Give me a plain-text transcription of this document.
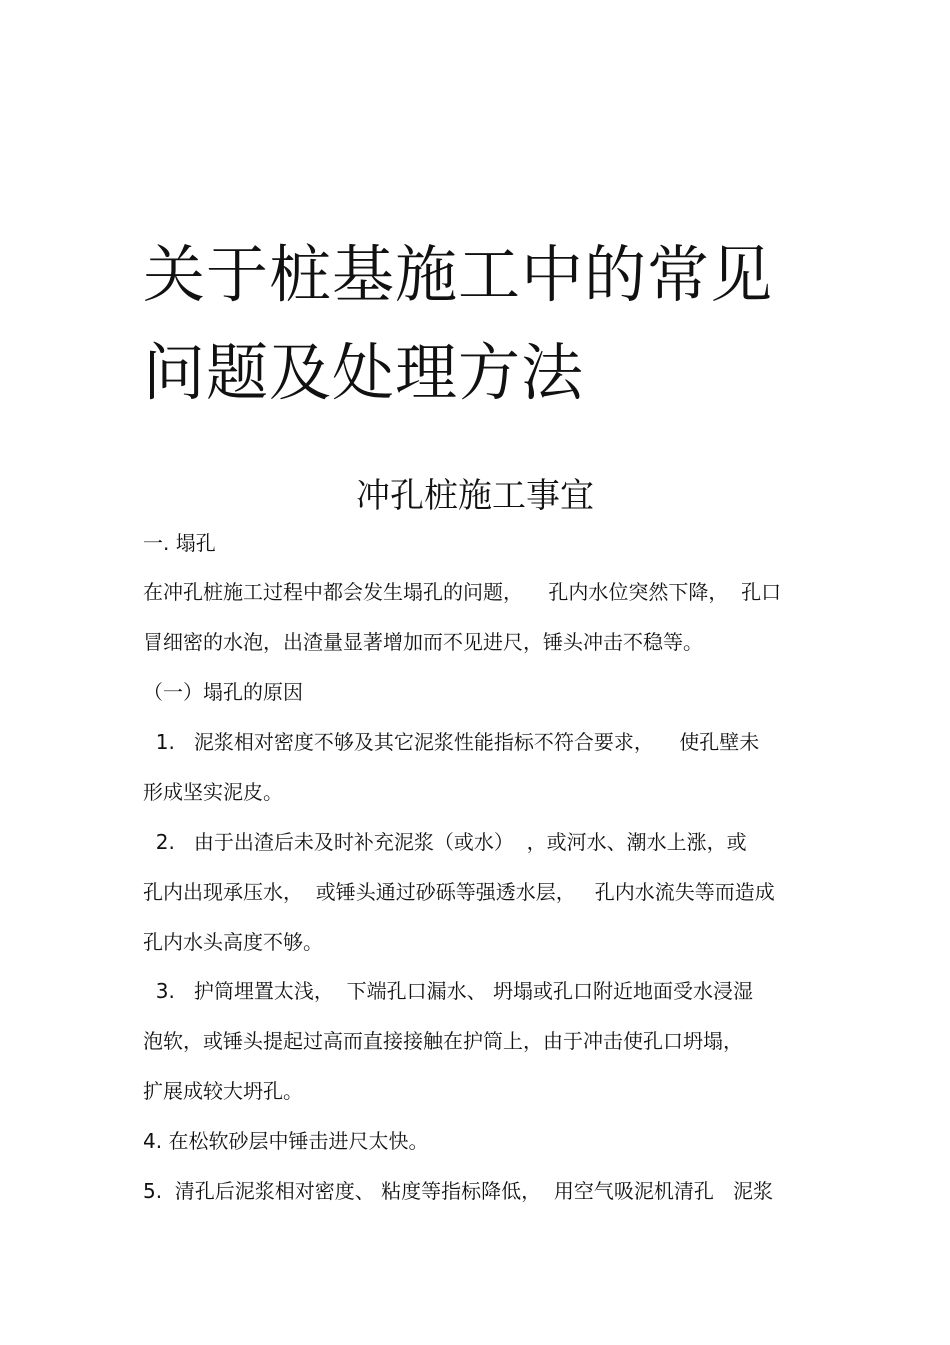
关于桩基施工中的常见
问题及处理方法
冲孔桩施工事宜
一. 塌孔
在冲孔桩施工过程中都会发生塌孔的问题，    孔内水位突然下降，  孔口
冒细密的水泡，出渣量显著增加而不见进尺，锤头冲击不稳等。
（一）塌孔的原因
1.   泥浆相对密度不够及其它泥浆性能指标不符合要求，    使孔壁未
形成坚实泥皮。
2.   由于出渣后未及时补充泥浆（或水）  ，或河水、潮水上涨，或
孔内出现承压水，  或锤头通过砂砾等强透水层，   孔内水流失等而造成
孔内水头高度不够。
3.   护筒埋置太浅，  下端孔口漏水、 坍塌或孔口附近地面受水浸湿
泡软，或锤头提起过高而直接接触在护筒上，由于冲击使孔口坍塌，
扩展成较大坍孔。
4. 在松软砂层中锤击进尺太快。
5.  清孔后泥浆相对密度、 粘度等指标降低，  用空气吸泥机清孔   泥浆
